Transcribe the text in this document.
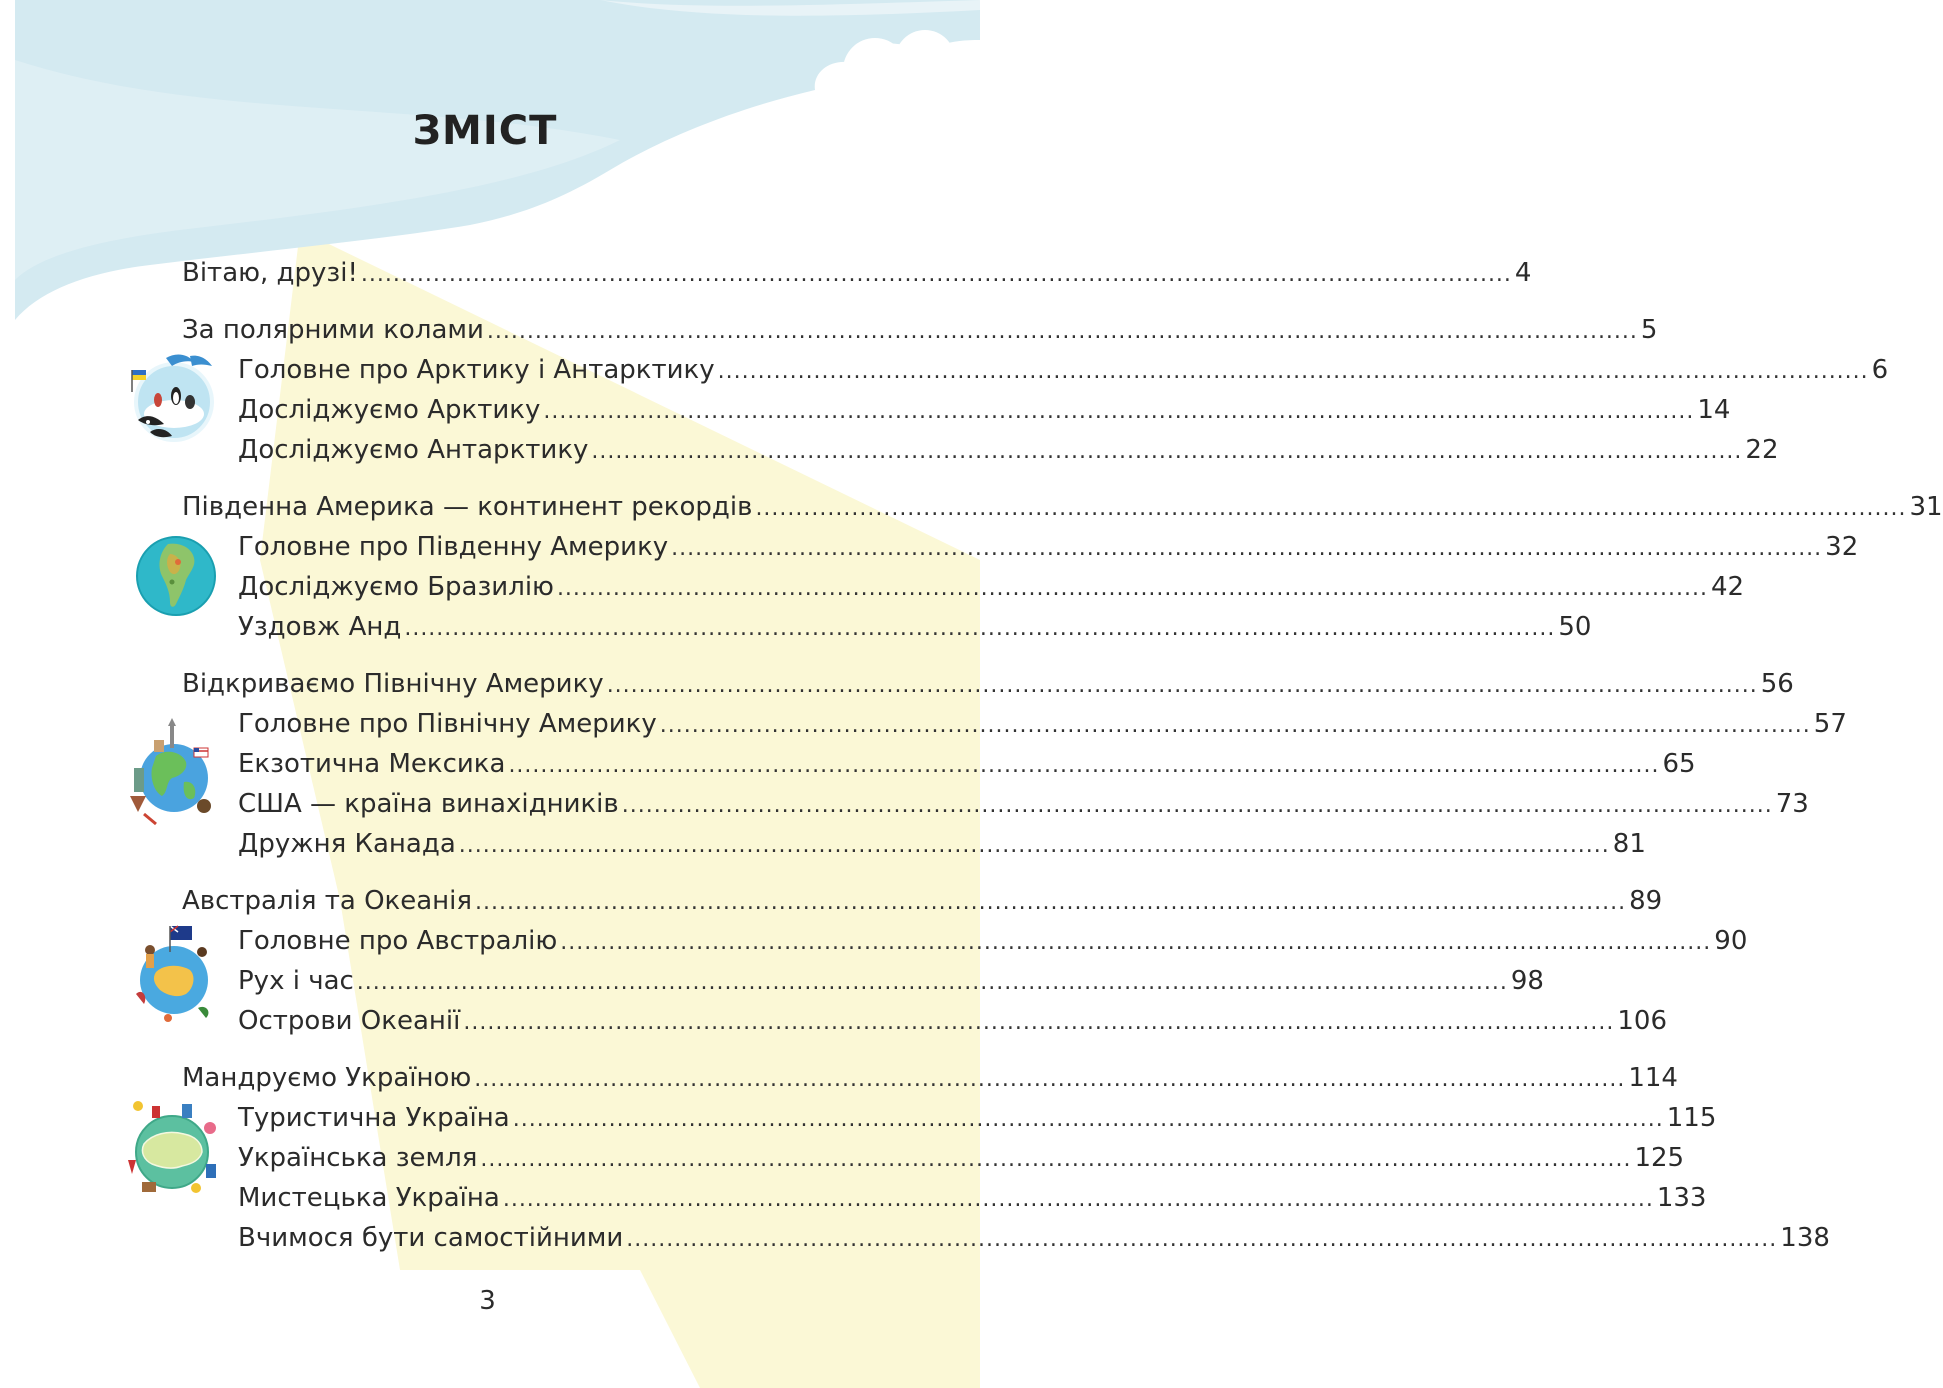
ЗМІСТ
Вітаю, друзі! ................................................................................................................................................ 4
За полярними колами ................................................................................................................................................ 5
Головне про Арктику і Антарктику ................................................................................................................................................ 6
Досліджуємо Арктику ................................................................................................................................................ 14
Досліджуємо Антарктику ................................................................................................................................................ 22
Південна Америка — континент рекордів ................................................................................................................................................ 31
Головне про Південну Америку ................................................................................................................................................ 32
Досліджуємо Бразилію ................................................................................................................................................ 42
Уздовж Анд ................................................................................................................................................ 50
Відкриваємо Північну Америку ................................................................................................................................................ 56
Головне про Північну Америку ................................................................................................................................................ 57
Екзотична Мексика ................................................................................................................................................ 65
США — країна винахідників ................................................................................................................................................ 73
Дружня Канада ................................................................................................................................................ 81
Австралія та Океанія ................................................................................................................................................ 89
Головне про Австралію ................................................................................................................................................ 90
Рух і час ................................................................................................................................................ 98
Острови Океанії ................................................................................................................................................ 106
Мандруємо Україною ................................................................................................................................................ 114
Туристична Україна ................................................................................................................................................ 115
Українська земля ................................................................................................................................................ 125
Мистецька Україна ................................................................................................................................................ 133
Вчимося бути самостійними ................................................................................................................................................ 138
3
